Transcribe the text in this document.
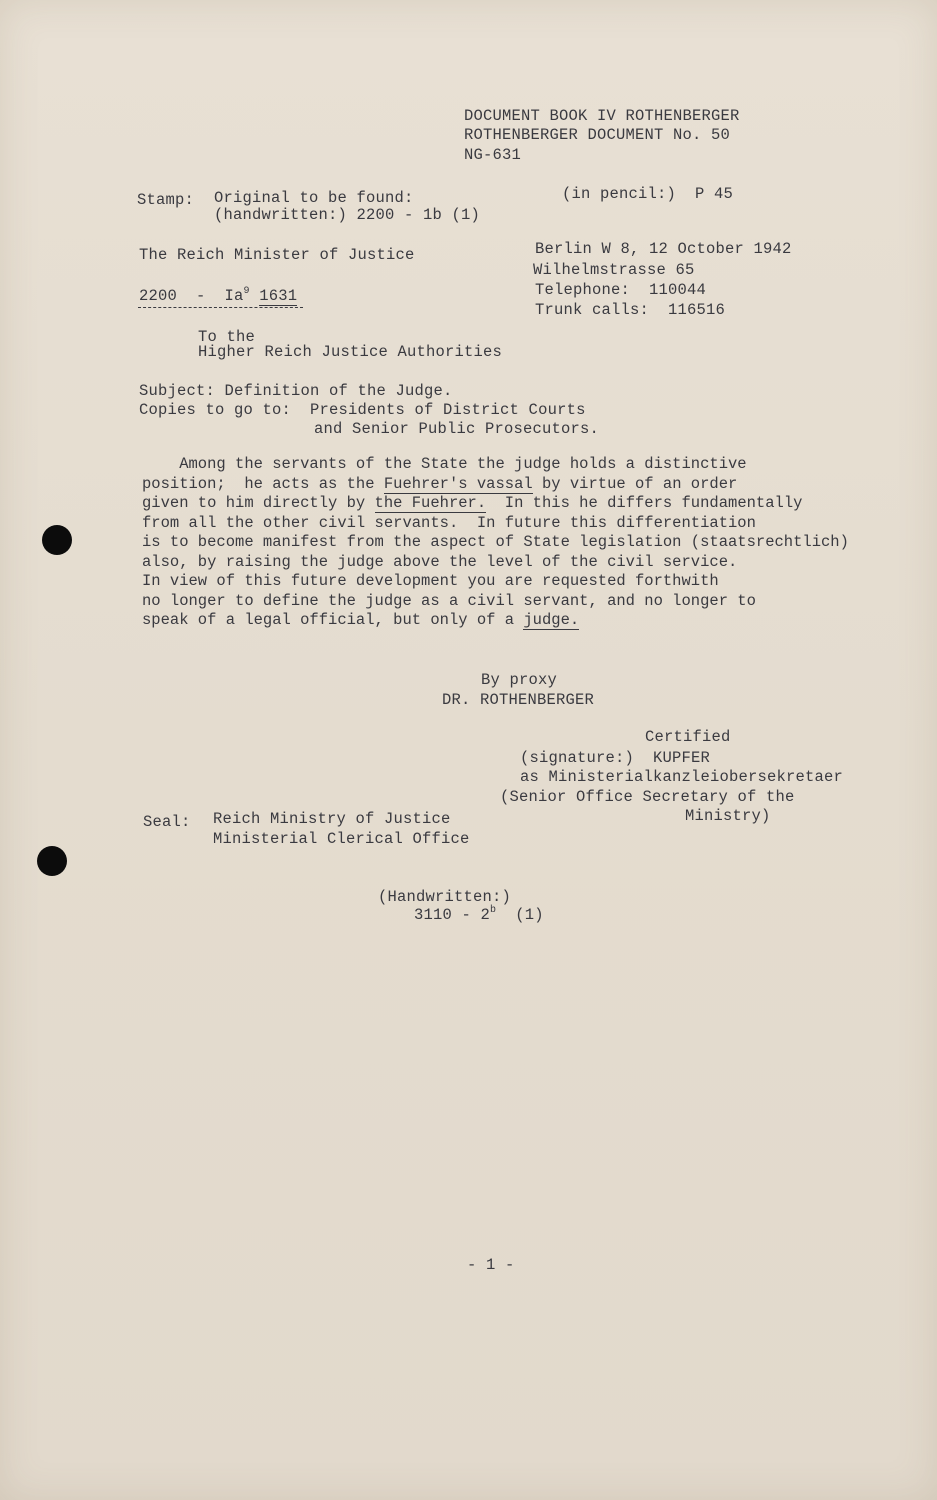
DOCUMENT BOOK IV ROTHENBERGER
ROTHENBERGER DOCUMENT No. 50
NG-631
Stamp: Original to be found:
(handwritten:) 2200 - 1b (1)
(in pencil:)  P 45
The Reich Minister of Justice
2200  -  Ia$^9$ 1631
Berlin W 8, 12 October 1942
Wilhelmstrasse 65
Telephone:  110044
Trunk calls:  116516
To the
Higher Reich Justice Authorities
Subject: Definition of the Judge.
Copies to go to:  Presidents of District Courts
and Senior Public Prosecutors.
Among the servants of the State the judge holds a distinctive
position;  he acts as the Fuehrer's vassal by virtue of an order
given to him directly by the Fuehrer.  In this he differs fundamentally
from all the other civil servants.  In future this differentiation
is to become manifest from the aspect of State legislation (staatsrechtlich)
also, by raising the judge above the level of the civil service.
In view of this future development you are requested forthwith
no longer to define the judge as a civil servant, and no longer to
speak of a legal official, but only of a judge.
By proxy
DR. ROTHENBERGER
Certified
(signature:)  KUPFER
as Ministerialkanzleiobersekretaer
(Senior Office Secretary of the
Ministry)
Seal: Reich Ministry of Justice
Ministerial Clerical Office
(Handwritten:)
3110 - 2$^b$  (1)
- 1 -
